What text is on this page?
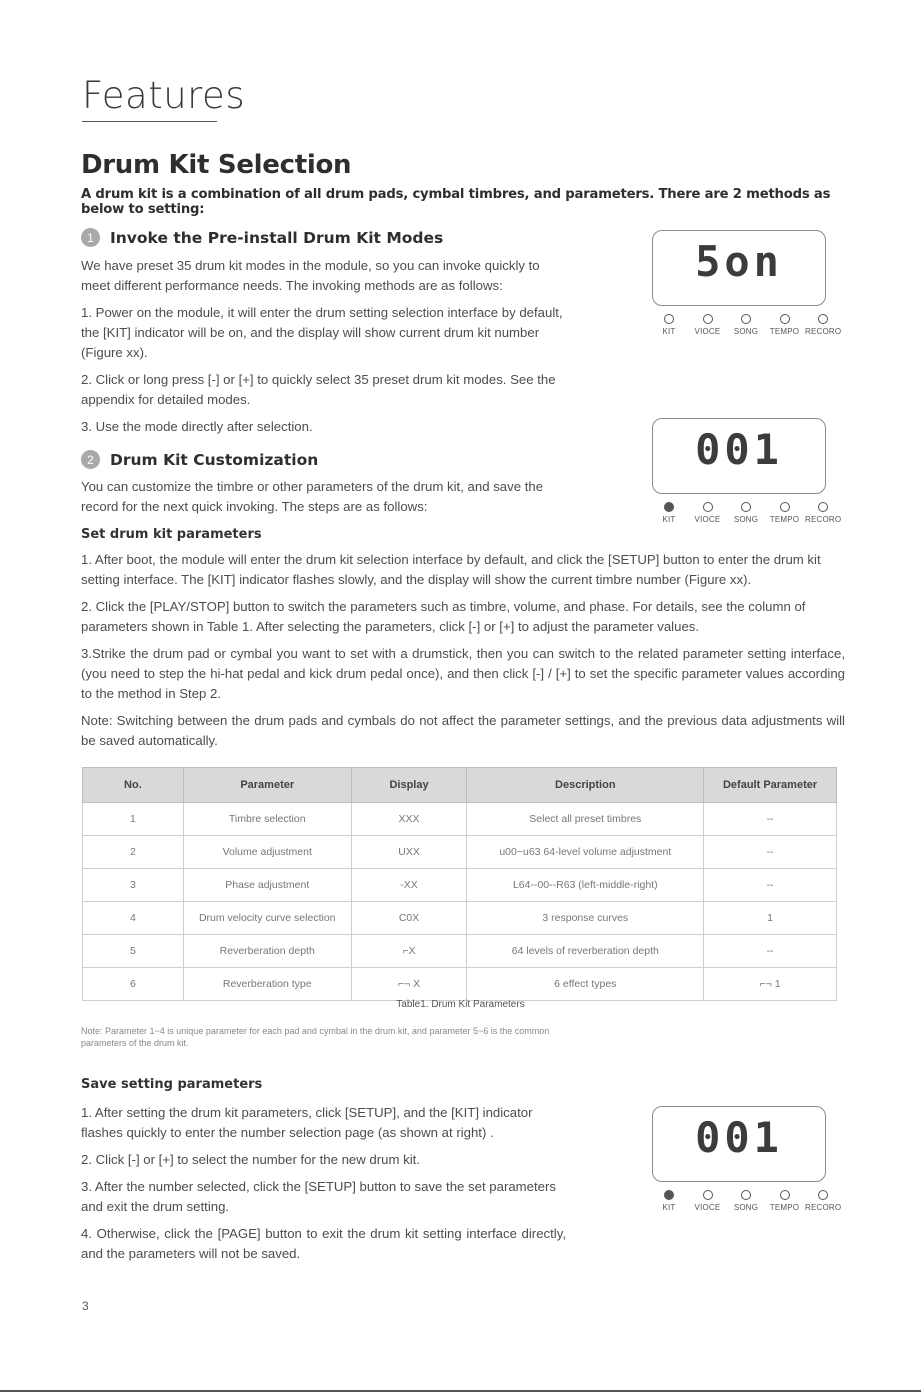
Features
Drum Kit Selection
A drum kit is a combination of all drum pads, cymbal timbres, and parameters. There are 2 methods as below to setting:
1	Invoke the Pre-install Drum Kit Modes

We have preset 35 drum kit modes in the module, so you can invoke quickly to meet different performance needs. The invoking methods are as follows:

1. Power on the module, it will enter the drum setting selection interface by default, the [KIT] indicator will be on, and the display will show current drum kit number (Figure xx).

2. Click or long press [-] or [+] to quickly select 35 preset drum kit modes. See the appendix for detailed modes.

3. Use the mode directly after selection.

2	Drum Kit Customization

You can customize the timbre or other parameters of the drum kit, and save the record for the next quick invoking. The steps are as follows:

Set drum kit parameters

1. After boot, the module will enter the drum kit selection interface by default, and click the [SETUP] button to enter the drum kit setting interface. The [KIT] indicator flashes slowly, and the display will show the current timbre number (Figure xx).

2. Click the [PLAY/STOP] button to switch the parameters such as timbre, volume, and phase. For details, see the column of parameters shown in Table 1. After selecting the parameters, click [-] or [+] to adjust the parameter values.

3.Strike the drum pad or cymbal you want to set with a drumstick, then you can switch to the related parameter setting interface, (you need to step the hi-hat pedal and kick drum pedal once), and then click [-] / [+] to set the specific parameter values according to the method in Step 2.

Note: Switching between the drum pads and cymbals do not affect the parameter settings, and the previous data adjustments will be saved automatically.

5on
KIT	VIOCE	SONG	TEMPO RECORO
001
KIT	VIOCE	SONG	TEMPO RECORO
001
KIT	VIOCE	SONG	TEMPO RECORO
No.	Parameter	Display	Description	Default Parameter
1	Timbre selection	XXX	Select all preset timbres	--
2	Volume adjustment	UXX	u00~u63 64-level volume adjustment	--
3	Phase adjustment	-XX	L64--00--R63 (left-middle-right)	--
4	Drum velocity curve selection	C0X	3 response curves	1
5	Reverberation depth	⌐X	64 levels of reverberation depth	--
6	Reverberation type	⌐¬ X	6 effect types	⌐¬ 1
Table1. Drum Kit Parameters
Note: Parameter 1~4 is unique parameter for each pad and cymbal in the drum kit, and parameter 5~6 is the common parameters of the drum kit.
Save setting parameters

1. After setting the drum kit parameters, click [SETUP], and the [KIT] indicator flashes quickly to enter the number selection page (as shown at right) .

2. Click [-] or [+] to select the number for the new drum kit.

3. After the number selected, click the [SETUP] button to save the set parameters and exit the drum setting.

4. Otherwise, click the [PAGE] button to exit the drum kit setting interface directly, and the parameters will not be saved.

3
